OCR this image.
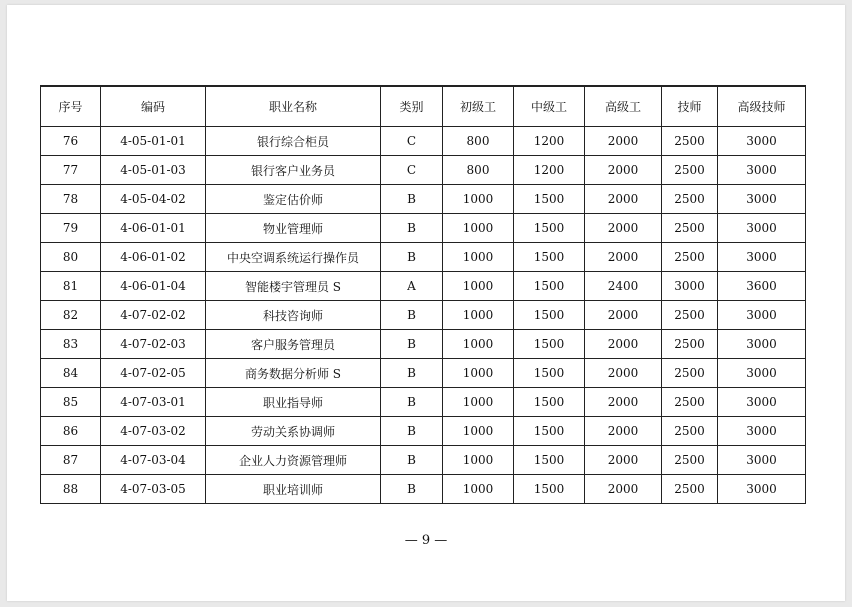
序号	编码	职业名称	类别	初级工	中级工	高级工	技师	高级技师
76	4-05-01-01	银行综合柜员	C	800	1200	2000	2500	3000
77	4-05-01-03	银行客户业务员	C	800	1200	2000	2500	3000
78	4-05-04-02	鉴定估价师	B	1000	1500	2000	2500	3000
79	4-06-01-01	物业管理师	B	1000	1500	2000	2500	3000
80	4-06-01-02	中央空调系统运行操作员	B	1000	1500	2000	2500	3000
81	4-06-01-04	智能楼宇管理员 S	A	1000	1500	2400	3000	3600
82	4-07-02-02	科技咨询师	B	1000	1500	2000	2500	3000
83	4-07-02-03	客户服务管理员	B	1000	1500	2000	2500	3000
84	4-07-02-05	商务数据分析师 S	B	1000	1500	2000	2500	3000
85	4-07-03-01	职业指导师	B	1000	1500	2000	2500	3000
86	4-07-03-02	劳动关系协调师	B	1000	1500	2000	2500	3000
87	4-07-03-04	企业人力资源管理师	B	1000	1500	2000	2500	3000
88	4-07-03-05	职业培训师	B	1000	1500	2000	2500	3000
— 9 —
